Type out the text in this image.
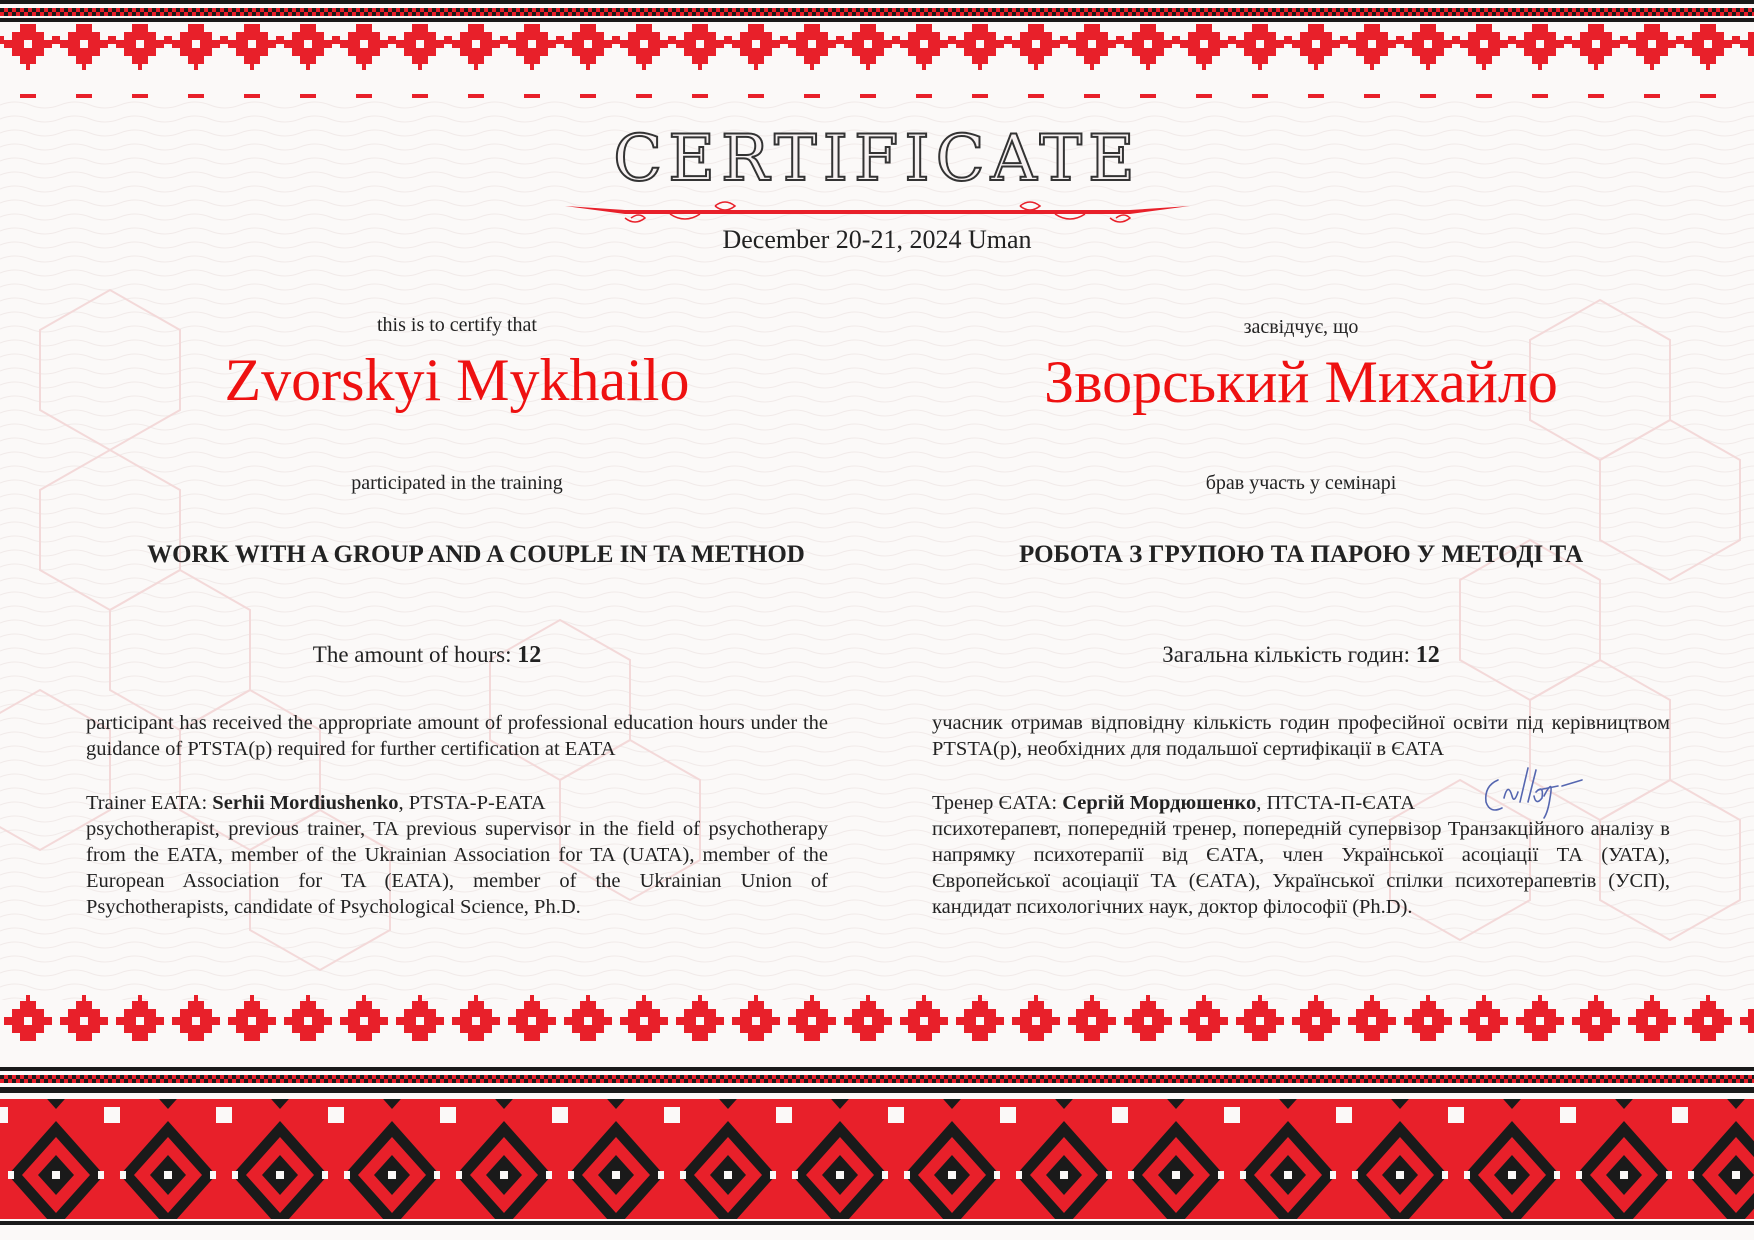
CERTIFICATE
December 20-21, 2024 Uman
this is to certify that
Zvorskyi Mykhailo
participated in the training
WORK WITH A GROUP AND A COUPLE IN TA METHOD
The amount of hours: 12
participant has received the appropriate amount of professional education hours under the guidance of PTSTA(p) required for further certification at EATA
Trainer EATA: Serhii Mordiushenko, PTSTA-P-EATA
psychotherapist, previous trainer, TA previous supervisor in the field of psychotherapy from the EATA, member of the Ukrainian Association for TA (UATA), member of the European Association for TA (EATA), member of the Ukrainian Union of Psychotherapists, candidate of Psychological Science, Ph.D.
засвідчує, що
Зворський Михайло
брав участь у семінарі
РОБОТА З ГРУПОЮ ТА ПАРОЮ У МЕТОДІ ТА
Загальна кількість годин: 12
учасник отримав відповідну кількість годин професійної освіти під керівництвом PTSTA(p), необхідних для подальшої сертифікації в ЄАТА
Тренер ЄАТА: Сергій Мордюшенко, ПТСТА-П-ЄАТА
психотерапевт, попередній тренер, попередній супервізор Транзакційного аналізу в напрямку психотерапії від ЄАТА, член Української асоціації ТА (УАТА), Європейської асоціації ТА (ЄАТА), Української спілки психотерапевтів (УСП), кандидат психологічних наук, доктор філософії (Ph.D).
